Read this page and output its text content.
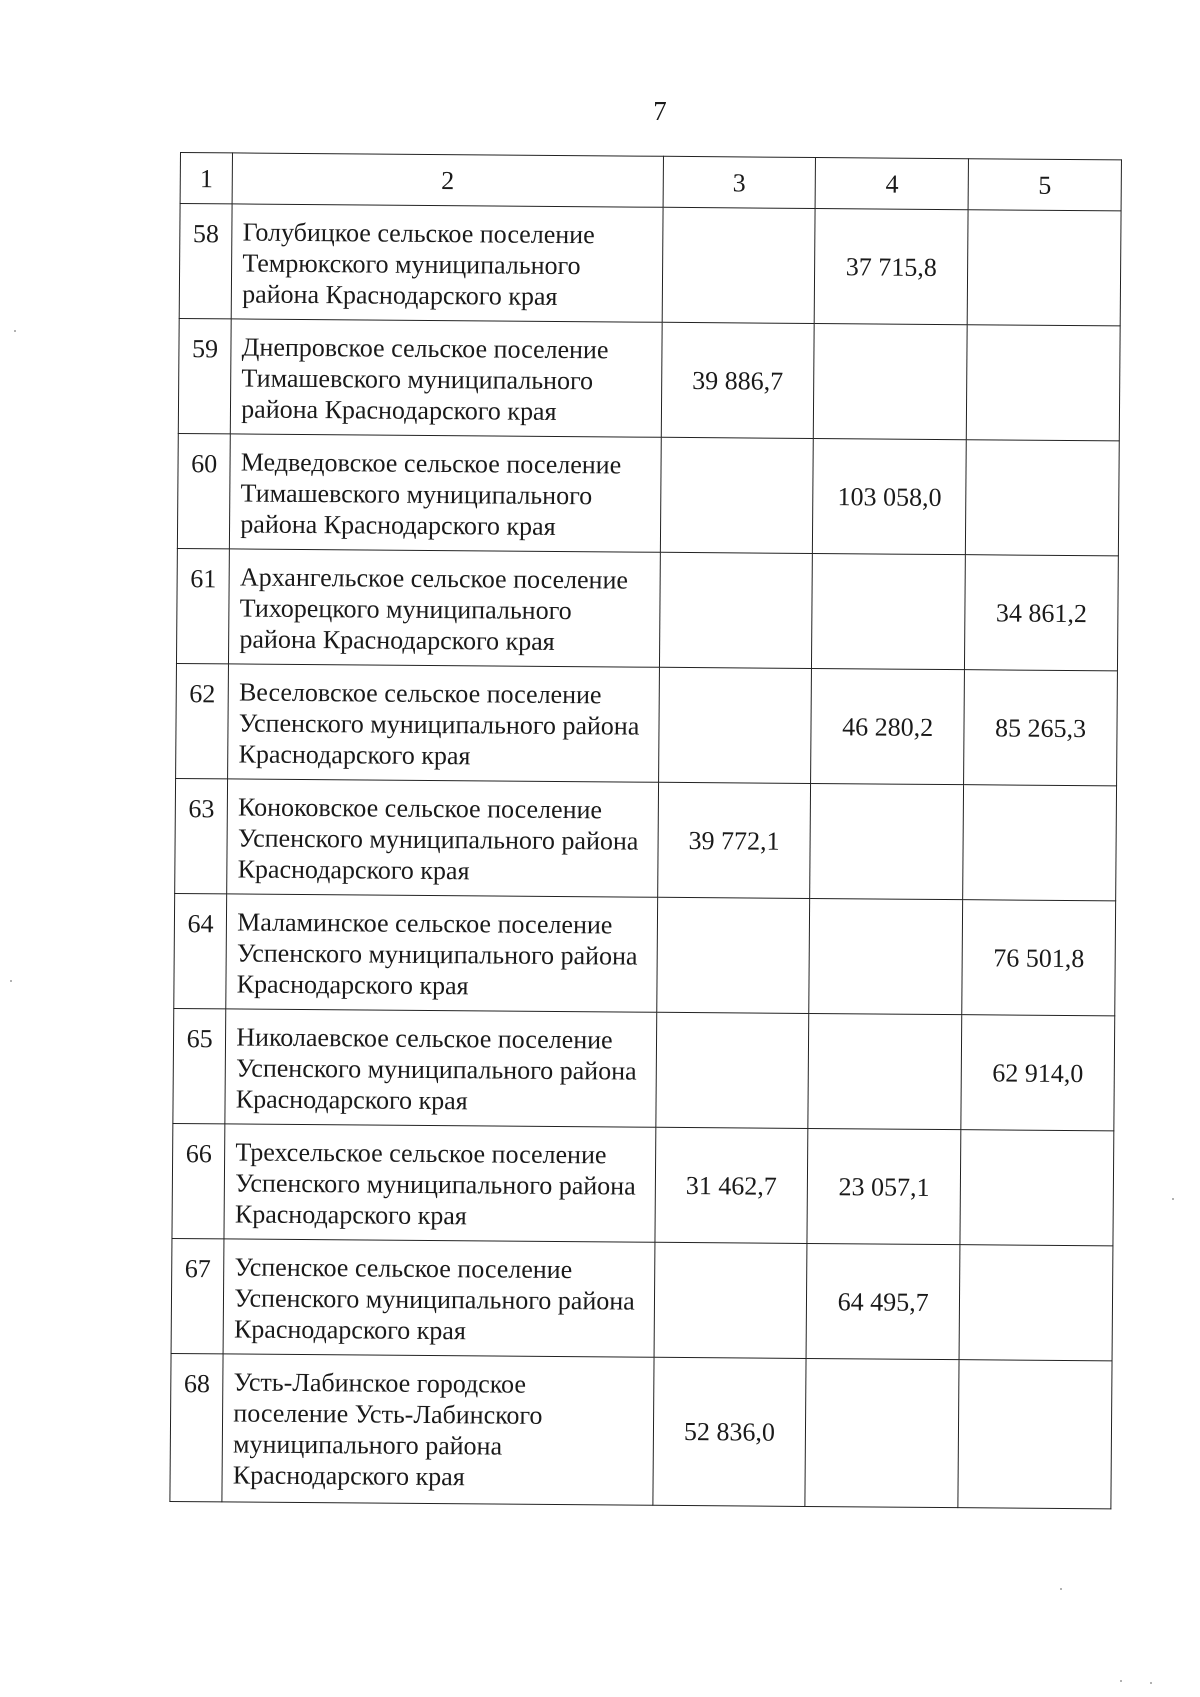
7
1	2	3	4	5
58	Голубицкое сельское поселение Темрюкского муниципального района Краснодарского края		37 715,8	
59	Днепровское сельское поселение Тимашевского муниципального района Краснодарского края	39 886,7		
60	Медведовское сельское поселение Тимашевского муниципального района Краснодарского края		103 058,0	
61	Архангельское сельское поселение Тихорецкого муниципального района Краснодарского края			34 861,2
62	Веселовское сельское поселение Успенского муниципального района Краснодарского края		46 280,2	85 265,3
63	Коноковское сельское поселение Успенского муниципального района Краснодарского края	39 772,1		
64	Маламинское сельское поселение Успенского муниципального района Краснодарского края			76 501,8
65	Николаевское сельское поселение Успенского муниципального района Краснодарского края			62 914,0
66	Трехсельское сельское поселение Успенского муниципального района Краснодарского края	31 462,7	23 057,1	
67	Успенское сельское поселение Успенского муниципального района Краснодарского края		64 495,7	
68	Усть-Лабинское городское поселение Усть-Лабинского муниципального района Краснодарского края	52 836,0		
